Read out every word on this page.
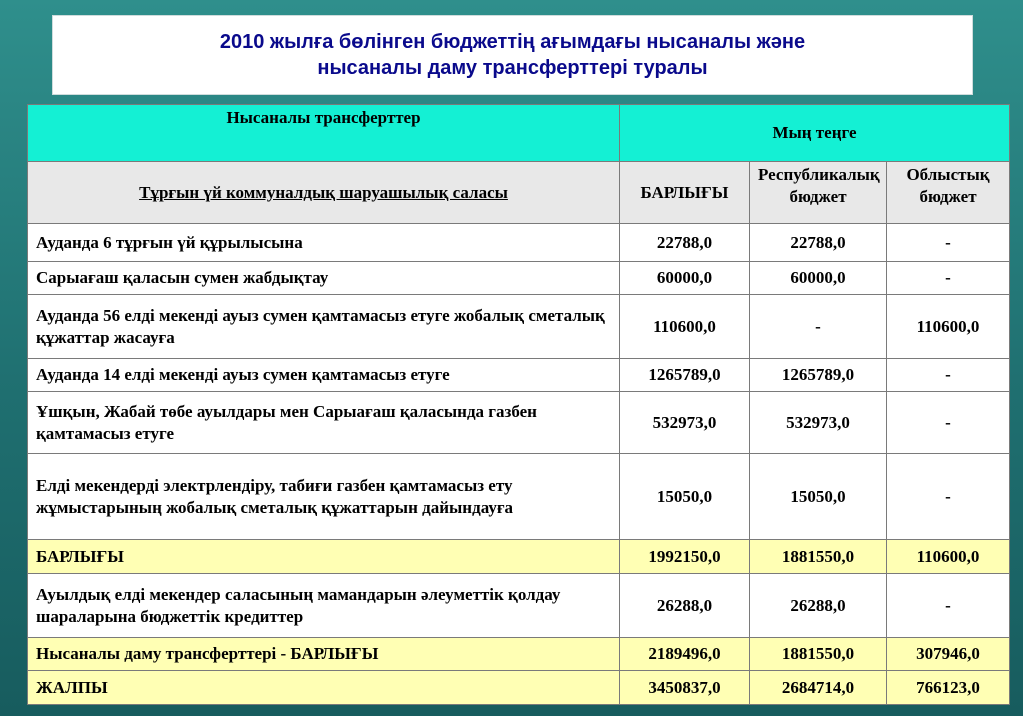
2010 жылға бөлінген бюджеттің ағымдағы нысаналы және
нысаналы даму трансферттері туралы
Нысаналы трансферттер	Мың теңге		
Тұрғын үй коммуналдық шаруашылық саласы	БАРЛЫҒЫ	Республикалық бюджет	Облыстық бюджет
Ауданда 6 тұрғын үй құрылысына	22788,0	22788,0	-
Сарыағаш қаласын сумен жабдықтау	60000,0	60000,0	-
Ауданда 56 елді мекенді ауыз сумен қамтамасыз етуге жобалық сметалық құжаттар жасауға	110600,0	-	110600,0
Ауданда 14 елді мекенді ауыз сумен қамтамасыз етуге	1265789,0	1265789,0	-
Ұшқын, Жабай төбе ауылдары мен Сарыағаш қаласында газбен қамтамасыз етуге	532973,0	532973,0	-
Елді мекендерді электрлендіру, табиғи газбен қамтамасыз ету жұмыстарының жобалық сметалық құжаттарын дайындауға	15050,0	15050,0	-
БАРЛЫҒЫ	1992150,0	1881550,0	110600,0
Ауылдық елді мекендер саласының мамандарын әлеуметтік қолдау шараларына бюджеттік кредиттер	26288,0	26288,0	-
Нысаналы даму трансферттері - БАРЛЫҒЫ	2189496,0	1881550,0	307946,0
ЖАЛПЫ	3450837,0	2684714,0	766123,0
